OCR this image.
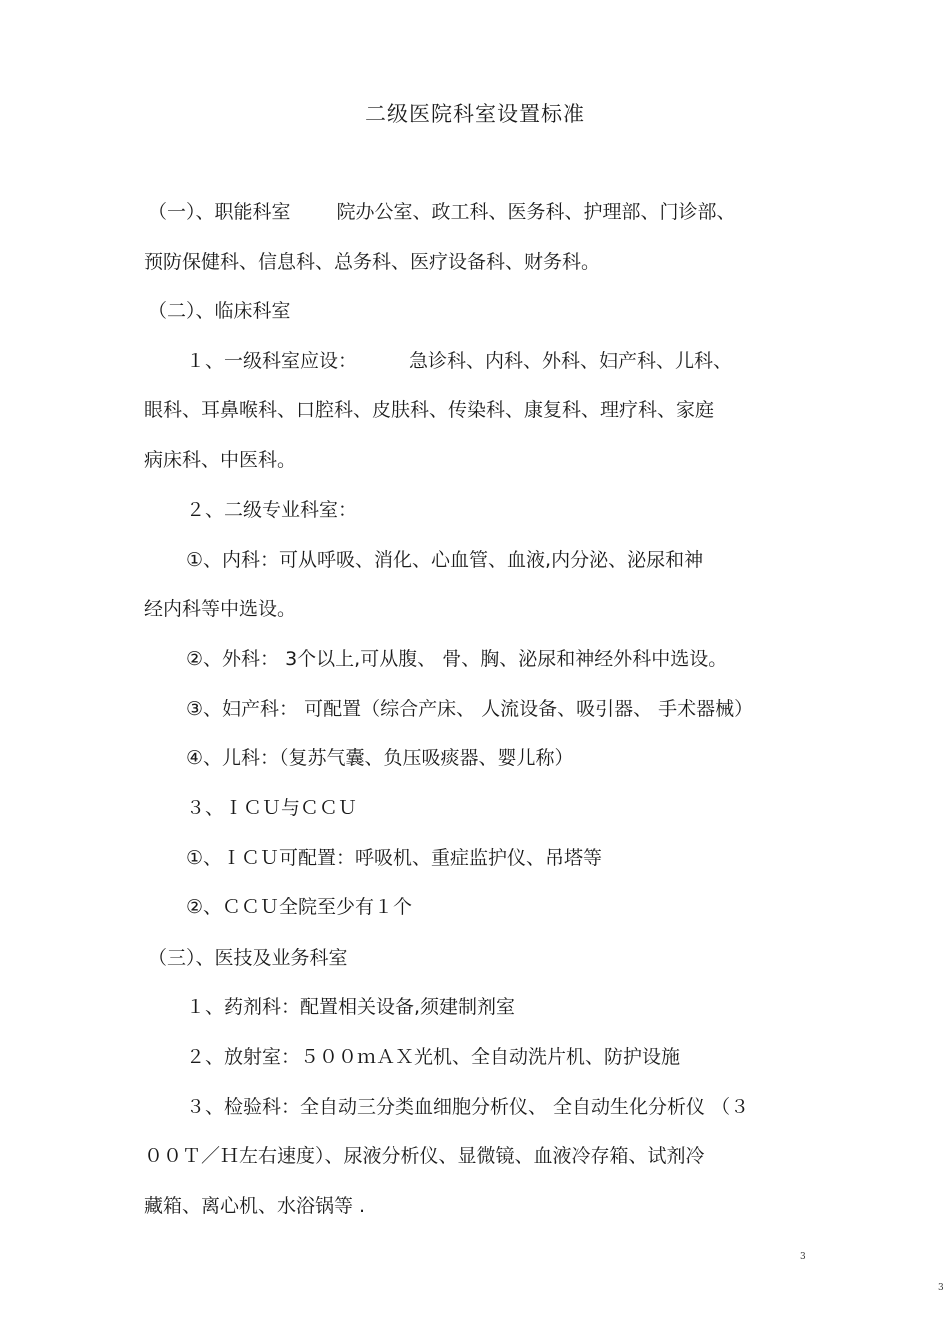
二级医院科室设置标准
（一）、职能科室 院办公室、政工科、医务科、护理部、门诊部、
预防保健科、信息科、总务科、医疗设备科、财务科。
（二）、临床科室
１、一级科室应设：	急诊科、内科、外科、妇产科、儿科、
眼科、耳鼻喉科、口腔科、皮肤科、传染科、康复科、理疗科、家庭
病床科、中医科。
２、二级专业科室：
①、内科：可从呼吸、消化、心血管、血液,内分泌、泌尿和神
经内科等中选设。
②、外科： 3个以上,可从腹、 骨、胸、泌尿和神经外科中选设。
③、妇产科： 可配置（综合产床、 人流设备、吸引器、 手术器械）
④、儿科：（复苏气囊、负压吸痰器、婴儿称）
３、ＩＣＵ与ＣＣＵ
①、ＩＣＵ可配置：呼吸机、重症监护仪、吊塔等
②、ＣＣＵ全院至少有１个
（三）、医技及业务科室
１、药剂科：配置相关设备,须建制剂室
２、放射室：５００ｍＡＸ光机、全自动洗片机、防护设施
３、检验科：全自动三分类血细胞分析仪、 全自动生化分析仪 （３
００Ｔ／Ｈ左右速度）、尿液分析仪、显微镜、血液冷存箱、试剂冷
藏箱、离心机、水浴锅等 .
3
3
